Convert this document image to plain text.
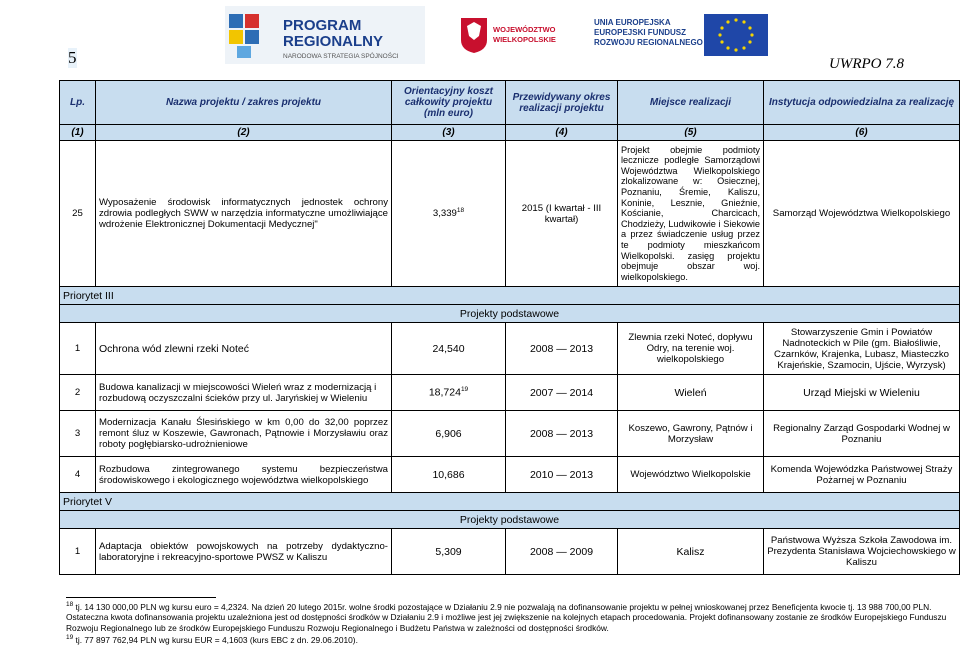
5
PROGRAM
REGIONALNY
NARODOWA STRATEGIA SPÓJNOŚCI
WOJEWÓDZTWO
WIELKOPOLSKIE
UNIA EUROPEJSKA
EUROPEJSKI FUNDUSZ
ROZWOJU REGIONALNEGO
UWRPO 7.8
Lp.	Nazwa projektu / zakres projektu	Orientacyjny koszt całkowity projektu (mln euro)	Przewidywany okres realizacji projektu	Miejsce realizacji	Instytucja odpowiedzialna za realizację
(1)	(2)	(3)	(4)	(5)	(6)
25	Wyposażenie środowisk informatycznych jednostek ochrony zdrowia podległych SWW w narzędzia informatyczne umożliwiające wdrożenie Elektronicznej Dokumentacji Medycznej"	3,339$^{18}$	2015 (I kwartał - III kwartał)	Projekt obejmie podmioty lecznicze podległe Samorządowi Województwa Wielkopolskiego zlokalizowane w: Osiecznej, Poznaniu, Śremie, Kaliszu, Koninie, Lesznie, Gnieźnie, Kościanie, Charcicach, Chodzieży, Ludwikowie i Siekowie a przez świadczenie usług przez te podmioty mieszkańcom Wielkopolski. zasięg projektu obejmuje obszar woj. wielkopolskiego.	Samorząd Województwa Wielkopolskiego
Priorytet III					
Projekty podstawowe					
1	Ochrona wód zlewni rzeki Noteć	24,540	2008 — 2013	Zlewnia rzeki Noteć, dopływu Odry, na terenie woj. wielkopolskiego	Stowarzyszenie Gmin i Powiatów Nadnoteckich w Pile (gm. Białośliwie, Czarnków, Krajenka, Lubasz, Miasteczko Krajeńskie, Szamocin, Ujście, Wyrzysk)
2	Budowa kanalizacji w miejscowości Wieleń wraz z modernizacją i rozbudową oczyszczalni ścieków przy ul. Jaryńskiej w Wieleniu	18,724$^{19}$	2007 — 2014	Wieleń	Urząd Miejski w Wieleniu
3	Modernizacja Kanału Ślesińskiego w km 0,00 do 32,00 poprzez remont śluz w Koszewie, Gawronach, Pątnowie i Morzysławiu oraz roboty pogłębiarsko-udrożnieniowe	6,906	2008 — 2013	Koszewo, Gawrony, Pątnów i Morzysław	Regionalny Zarząd Gospodarki Wodnej w Poznaniu
4	Rozbudowa zintegrowanego systemu bezpieczeństwa środowiskowego i ekologicznego województwa wielkopolskiego	10,686	2010 — 2013	Województwo Wielkopolskie	Komenda Wojewódzka Państwowej Straży Pożarnej w Poznaniu
Priorytet V					
Projekty podstawowe					
1	Adaptacja obiektów powojskowych na potrzeby dydaktyczno-laboratoryjne i rekreacyjno-sportowe PWSZ w Kaliszu	5,309	2008 — 2009	Kalisz	Państwowa Wyższa Szkoła Zawodowa im. Prezydenta Stanisława Wojciechowskiego w Kaliszu
$^{18}$ tj. 14 130 000,00 PLN wg kursu euro = 4,2324. Na dzień 20 lutego 2015r. wolne środki pozostające w Działaniu 2.9 nie pozwalają na dofinansowanie projektu w pełnej wnioskowanej przez Beneficjenta kwocie tj. 13 988 700,00 PLN. Ostateczna kwota dofinansowania projektu uzależniona jest od dostępności środków w Działaniu 2.9 i możliwe jest jej zwiększenie na kolejnych etapach procedowania. Projekt dofinansowany zostanie ze środków Europejskiego Funduszu Rozwoju Regionalnego lub ze środków Europejskiego Funduszu Rozwoju Regionalnego i Budżetu Państwa w zależności od dostępności środków.
$^{19}$ tj. 77 897 762,94 PLN wg kursu EUR = 4,1603 (kurs EBC z dn. 29.06.2010).
